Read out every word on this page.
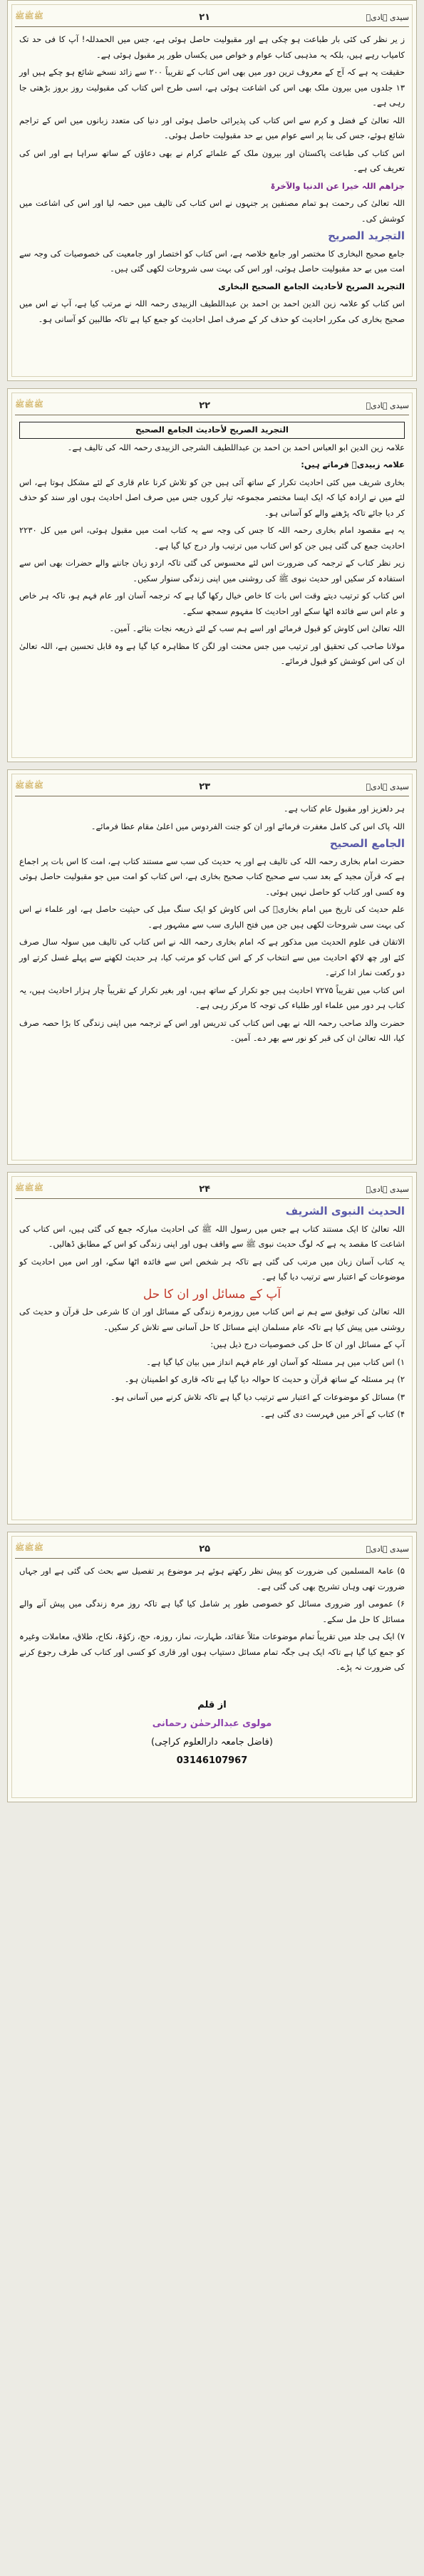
ﷺﷺﷺ	۲۱	سیدی ہادیؒ

ز یر نظر کی کئی بار طباعت ہو چکی ہے اور مقبولیت حاصل ہوئی ہے، جس میں الحمدللہ! آپ کا فی حد تک کامیاب رہے ہیں، بلکہ یہ مذہبی کتاب عوام و خواص میں یکساں طور پر مقبول ہوئی ہے۔

حقیقت یہ ہے کہ آج کے معروف ترین دور میں بھی اس کتاب کے تقریباً ۲۰۰ سے زائد نسخے شائع ہو چکے ہیں اور ۱۳ جلدوں میں بیرون ملک بھی اس کی اشاعت ہوئی ہے، اسی طرح اس کتاب کی مقبولیت روز بروز بڑھتی جا رہی ہے۔

اللہ تعالیٰ کے فضل و کرم سے اس کتاب کی پذیرائی حاصل ہوئی اور دنیا کی متعدد زبانوں میں اس کے تراجم شائع ہوئے، جس کی بنا پر اسے عوام میں بے حد مقبولیت حاصل ہوئی۔

اس کتاب کی طباعت پاکستان اور بیرون ملک کے علمائے کرام نے بھی دعاؤں کے ساتھ سراہا ہے اور اس کی تعریف کی ہے۔

جزاھم اللہ خیرا عن الدنیا والآخرۃ

اللہ تعالیٰ کی رحمت ہو تمام مصنفین پر جنہوں نے اس کتاب کی تالیف میں حصہ لیا اور اس کی اشاعت میں کوشش کی۔

التجرید الصریح

جامع صحیح البخاری کا مختصر اور جامع خلاصہ ہے، اس کتاب کو اختصار اور جامعیت کی خصوصیات کی وجہ سے امت میں بے حد مقبولیت حاصل ہوئی، اور اس کی بہت سی شروحات لکھی گئی ہیں۔

التجرید الصریح لأحادیث الجامع الصحیح البخاری

اس کتاب کو علامہ زین الدین احمد بن احمد بن عبداللطیف الزبیدی رحمہ اللہ نے مرتب کیا ہے، آپ نے اس میں صحیح بخاری کی مکرر احادیث کو حذف کر کے صرف اصل احادیث کو جمع کیا ہے تاکہ طالبین کو آسانی ہو۔

ﷺﷺﷺ	۲۲	سیدی ہادیؒ
التجرید الصریح لأحادیث الجامع الصحیح

علامہ زین الدین ابو العباس احمد بن احمد بن عبداللطیف الشرجی الزبیدی رحمہ اللہ کی تالیف ہے۔

علامہ زبیدیؒ فرماتے ہیں:

بخاری شریف میں کئی احادیث تکرار کے ساتھ آئی ہیں جن کو تلاش کرنا عام قاری کے لئے مشکل ہوتا ہے، اس لئے میں نے ارادہ کیا کہ ایک ایسا مختصر مجموعہ تیار کروں جس میں صرف اصل احادیث ہوں اور سند کو حذف کر دیا جائے تاکہ پڑھنے والے کو آسانی ہو۔

یہ ہے مقصود امام بخاری رحمہ اللہ کا جس کی وجہ سے یہ کتاب امت میں مقبول ہوئی، اس میں کل ۲۲۳۰ احادیث جمع کی گئی ہیں جن کو اس کتاب میں ترتیب وار درج کیا گیا ہے۔

زیر نظر کتاب کے ترجمہ کی ضرورت اس لئے محسوس کی گئی تاکہ اردو زبان جاننے والے حضرات بھی اس سے استفادہ کر سکیں اور حدیث نبوی ﷺ کی روشنی میں اپنی زندگی سنوار سکیں۔

اس کتاب کو ترتیب دیتے وقت اس بات کا خاص خیال رکھا گیا ہے کہ ترجمہ آسان اور عام فہم ہو، تاکہ ہر خاص و عام اس سے فائدہ اٹھا سکے اور احادیث کا مفہوم سمجھ سکے۔

اللہ تعالیٰ اس کاوش کو قبول فرمائے اور اسے ہم سب کے لئے ذریعہ نجات بنائے۔ آمین۔

مولانا صاحب کی تحقیق اور ترتیب میں جس محنت اور لگن کا مظاہرہ کیا گیا ہے وہ قابل تحسین ہے، اللہ تعالیٰ ان کی اس کوشش کو قبول فرمائے۔

ﷺﷺﷺ	۲۳	سیدی ہادیؒ

ہر دلعزیز اور مقبول عام کتاب ہے۔

اللہ پاک اس کی کامل مغفرت فرمائے اور ان کو جنت الفردوس میں اعلیٰ مقام عطا فرمائے۔

الجامع الصحیح

حضرت امام بخاری رحمہ اللہ کی تالیف ہے اور یہ حدیث کی سب سے مستند کتاب ہے، امت کا اس بات پر اجماع ہے کہ قرآن مجید کے بعد سب سے صحیح کتاب صحیح بخاری ہے، اس کتاب کو امت میں جو مقبولیت حاصل ہوئی وہ کسی اور کتاب کو حاصل نہیں ہوئی۔

علم حدیث کی تاریخ میں امام بخاریؒ کی اس کاوش کو ایک سنگ میل کی حیثیت حاصل ہے، اور علماء نے اس کی بہت سی شروحات لکھی ہیں جن میں فتح الباری سب سے مشہور ہے۔

الاتقان فی علوم الحدیث میں مذکور ہے کہ امام بخاری رحمہ اللہ نے اس کتاب کی تالیف میں سولہ سال صرف کئے اور چھ لاکھ احادیث میں سے انتخاب کر کے اس کتاب کو مرتب کیا، ہر حدیث لکھنے سے پہلے غسل کرتے اور دو رکعت نماز ادا کرتے۔

اس کتاب میں تقریباً ۷۲۷۵ احادیث ہیں جو تکرار کے ساتھ ہیں، اور بغیر تکرار کے تقریباً چار ہزار احادیث ہیں، یہ کتاب ہر دور میں علماء اور طلباء کی توجہ کا مرکز رہی ہے۔

حضرت والد صاحب رحمہ اللہ نے بھی اس کتاب کی تدریس اور اس کے ترجمہ میں اپنی زندگی کا بڑا حصہ صرف کیا، اللہ تعالیٰ ان کی قبر کو نور سے بھر دے۔ آمین۔

ﷺﷺﷺ	۲۴	سیدی ہادیؒ

الحدیث النبوی الشریف

اللہ تعالیٰ کا ایک مستند کتاب ہے جس میں رسول اللہ ﷺ کی احادیث مبارکہ جمع کی گئی ہیں، اس کتاب کی اشاعت کا مقصد یہ ہے کہ لوگ حدیث نبوی ﷺ سے واقف ہوں اور اپنی زندگی کو اس کے مطابق ڈھالیں۔

یہ کتاب آسان زبان میں مرتب کی گئی ہے تاکہ ہر شخص اس سے فائدہ اٹھا سکے، اور اس میں احادیث کو موضوعات کے اعتبار سے ترتیب دیا گیا ہے۔

آپ کے مسائل اور ان کا حل

اللہ تعالیٰ کی توفیق سے ہم نے اس کتاب میں روزمرہ زندگی کے مسائل اور ان کا شرعی حل قرآن و حدیث کی روشنی میں پیش کیا ہے تاکہ عام مسلمان اپنے مسائل کا حل آسانی سے تلاش کر سکیں۔

آپ کے مسائل اور ان کا حل کی خصوصیات درج ذیل ہیں:

۱) اس کتاب میں ہر مسئلہ کو آسان اور عام فہم انداز میں بیان کیا گیا ہے۔

۲) ہر مسئلہ کے ساتھ قرآن و حدیث کا حوالہ دیا گیا ہے تاکہ قاری کو اطمینان ہو۔

۳) مسائل کو موضوعات کے اعتبار سے ترتیب دیا گیا ہے تاکہ تلاش کرنے میں آسانی ہو۔

۴) کتاب کے آخر میں فہرست دی گئی ہے۔

ﷺﷺﷺ	۲۵	سیدی ہادیؒ

۵) عامۃ المسلمین کی ضرورت کو پیش نظر رکھتے ہوئے ہر موضوع پر تفصیل سے بحث کی گئی ہے اور جہاں ضرورت تھی وہاں تشریح بھی کی گئی ہے۔

۶) عمومی اور ضروری مسائل کو خصوصی طور پر شامل کیا گیا ہے تاکہ روز مرہ زندگی میں پیش آنے والے مسائل کا حل مل سکے۔

۷) ایک ہی جلد میں تقریباً تمام موضوعات مثلاً عقائد، طہارت، نماز، روزہ، حج، زکوٰۃ، نکاح، طلاق، معاملات وغیرہ کو جمع کیا گیا ہے تاکہ ایک ہی جگہ تمام مسائل دستیاب ہوں اور قاری کو کسی اور کتاب کی طرف رجوع کرنے کی ضرورت نہ پڑے۔

از قلم
مولوی عبدالرحمٰن رحمانی
(فاضل جامعہ دارالعلوم کراچی)
03146107967
